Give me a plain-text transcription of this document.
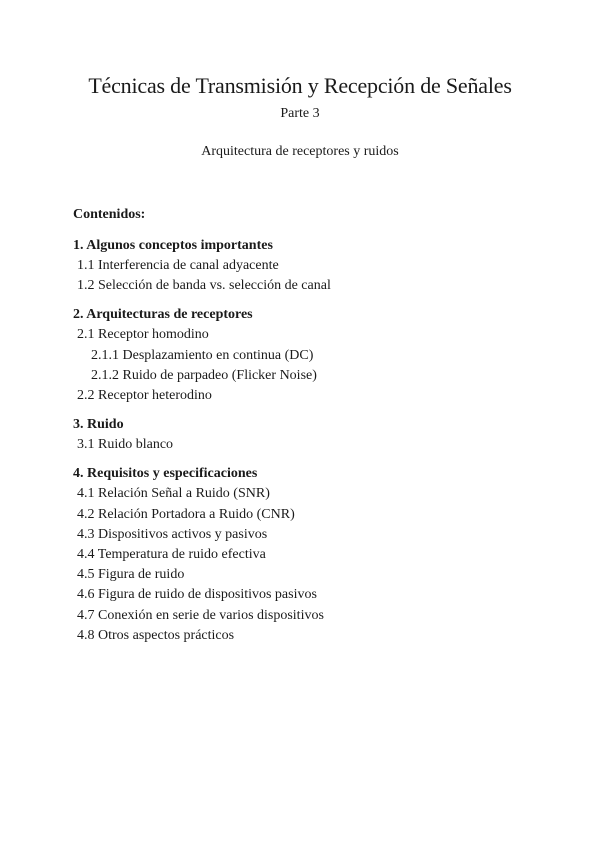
Técnicas de Transmisión y Recepción de Señales
Parte 3
Arquitectura de receptores y ruidos
Contenidos:
1. Algunos conceptos importantes
1.1 Interferencia de canal adyacente
1.2 Selección de banda vs. selección de canal
2. Arquitecturas de receptores
2.1 Receptor homodino
2.1.1 Desplazamiento en continua (DC)
2.1.2 Ruido de parpadeo (Flicker Noise)
2.2 Receptor heterodino
3. Ruido
3.1 Ruido blanco
4. Requisitos y especificaciones
4.1 Relación Señal a Ruido (SNR)
4.2 Relación Portadora a Ruido (CNR)
4.3 Dispositivos activos y pasivos
4.4 Temperatura de ruido efectiva
4.5 Figura de ruido
4.6 Figura de ruido de dispositivos pasivos
4.7 Conexión en serie de varios dispositivos
4.8 Otros aspectos prácticos
